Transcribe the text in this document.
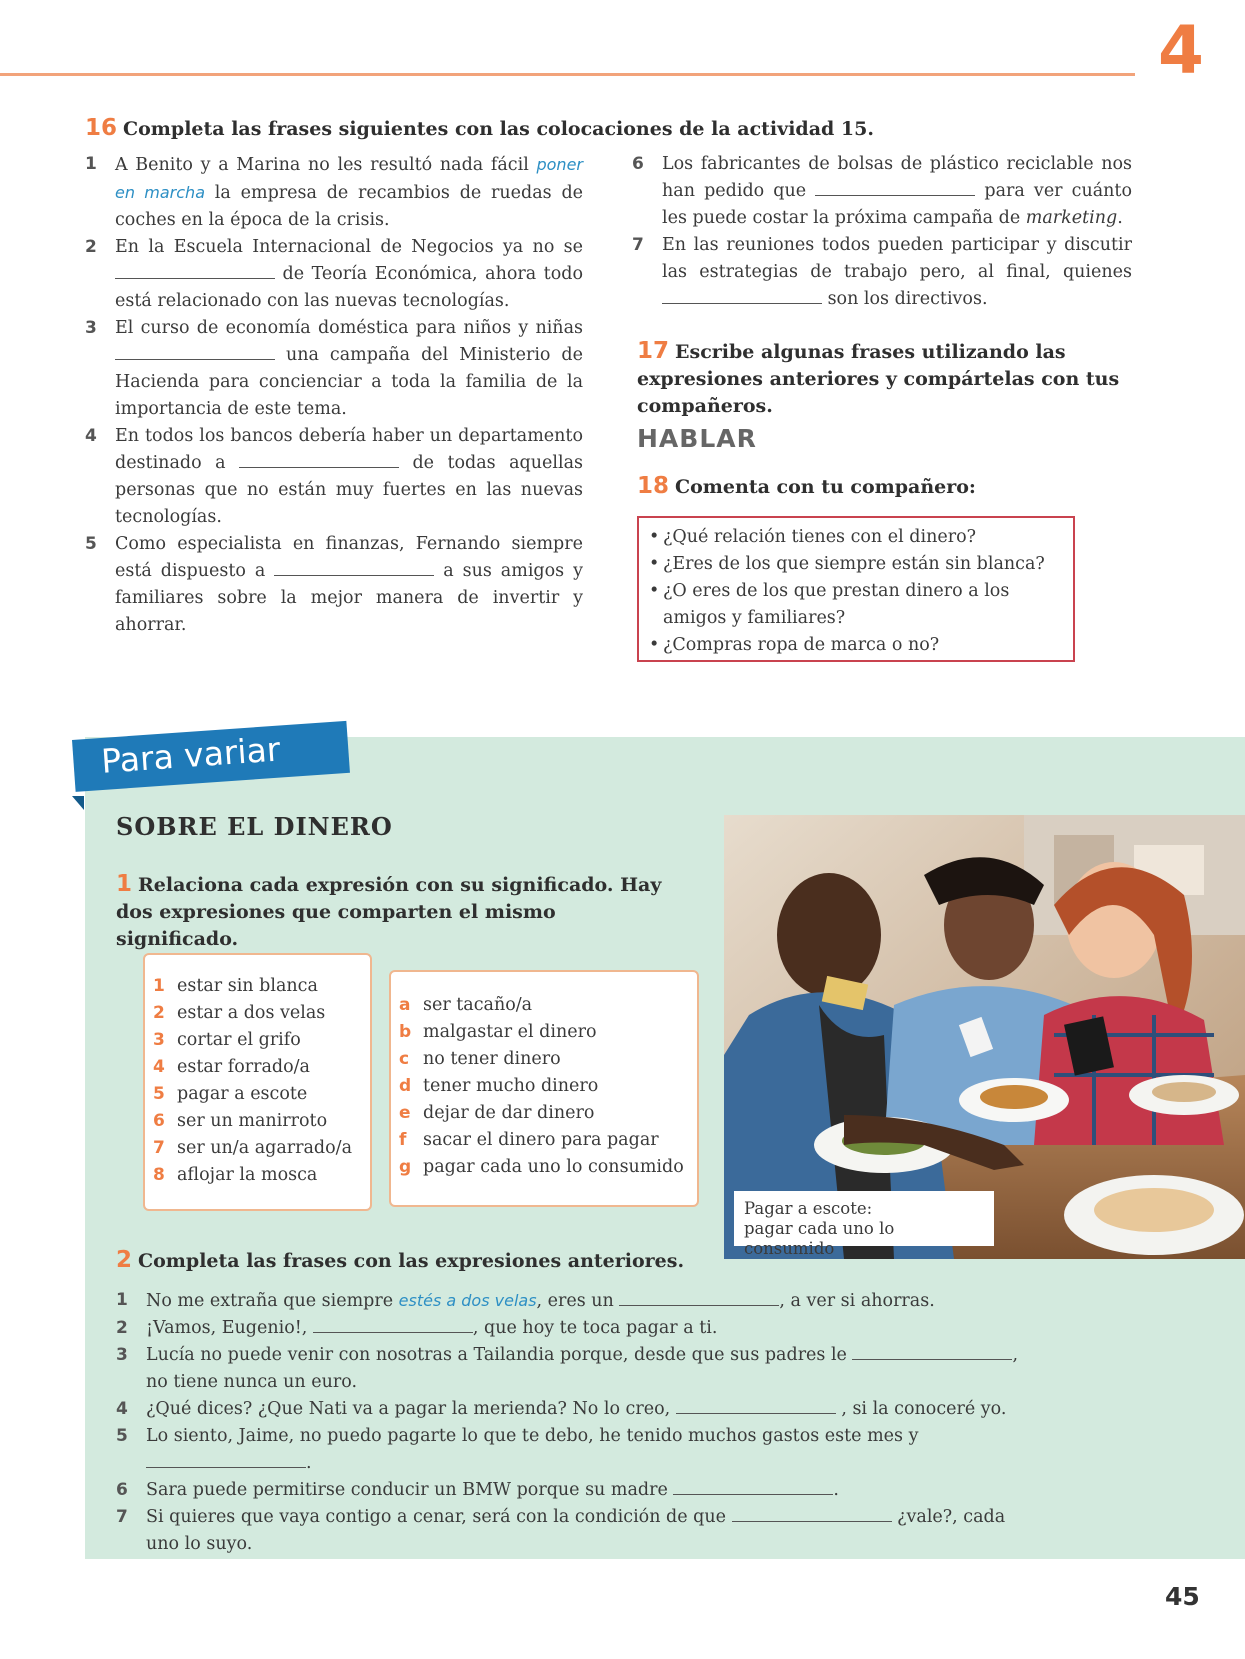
4
16 Completa las frases siguientes con las colocaciones de la actividad 15.
1	A Benito y a Marina no les resultó nada fácil poner en marcha la empresa de recambios de ruedas de coches en la época de la crisis.
2	En la Escuela Internacional de Negocios ya no se  de Teoría Económica, ahora todo está relacionado con las nuevas tecnologías.
3	El curso de economía doméstica para niños y niñas  una campaña del Ministerio de Hacienda para concienciar a toda la familia de la importancia de este tema.
4	En todos los bancos debería haber un departamento destinado a	de todas aquellas personas que no están muy fuertes en las nuevas tecnologías.
5	Como especialista en finanzas, Fernando siempre está dispuesto a	a sus amigos y familiares sobre la mejor manera de invertir y ahorrar.
6	Los fabricantes de bolsas de plástico reciclable nos han pedido que	para ver cuánto les puede costar la próxima campaña de marketing.
7	En las reuniones todos pueden participar y discutir las estrategias de trabajo pero, al final, quienes  son los directivos.
17 Escribe algunas frases utilizando las expresiones anteriores y compártelas con tus compañeros.
HABLAR
18 Comenta con tu compañero:
• ¿Qué relación tienes con el dinero?
• ¿Eres de los que siempre están sin blanca?
• ¿O eres de los que prestan dinero a los amigos y familiares?
• ¿Compras ropa de marca o no?
Para variar
SOBRE EL DINERO
1 Relaciona cada expresión con su significado. Hay dos expresiones que comparten el mismo significado.
1 estar sin blanca
2 estar a dos velas
3 cortar el grifo
4 estar forrado/a
5 pagar a escote
6 ser un manirroto
7 ser un/a agarrado/a
8 aflojar la mosca
a ser tacaño/a
b malgastar el dinero
c no tener dinero
d tener mucho dinero
e dejar de dar dinero
f sacar el dinero para pagar
g pagar cada uno lo consumido
Pagar a escote:
pagar cada uno lo consumido
2 Completa las frases con las expresiones anteriores.
1	No me extraña que siempre estés a dos velas, eres un	, a ver si ahorras.
2	¡Vamos, Eugenio!,	, que hoy te toca pagar a ti.
3	Lucía no puede venir con nosotras a Tailandia porque, desde que sus padres le	, no tiene nunca un euro.
4	¿Qué dices? ¿Que Nati va a pagar la merienda? No lo creo,	, si la conoceré yo.
5	Lo siento, Jaime, no puedo pagarte lo que te debo, he tenido muchos gastos este mes y .
6	Sara puede permitirse conducir un BMW porque su madre	.
7	Si quieres que vaya contigo a cenar, será con la condición de que	¿vale?, cada uno lo suyo.
45
